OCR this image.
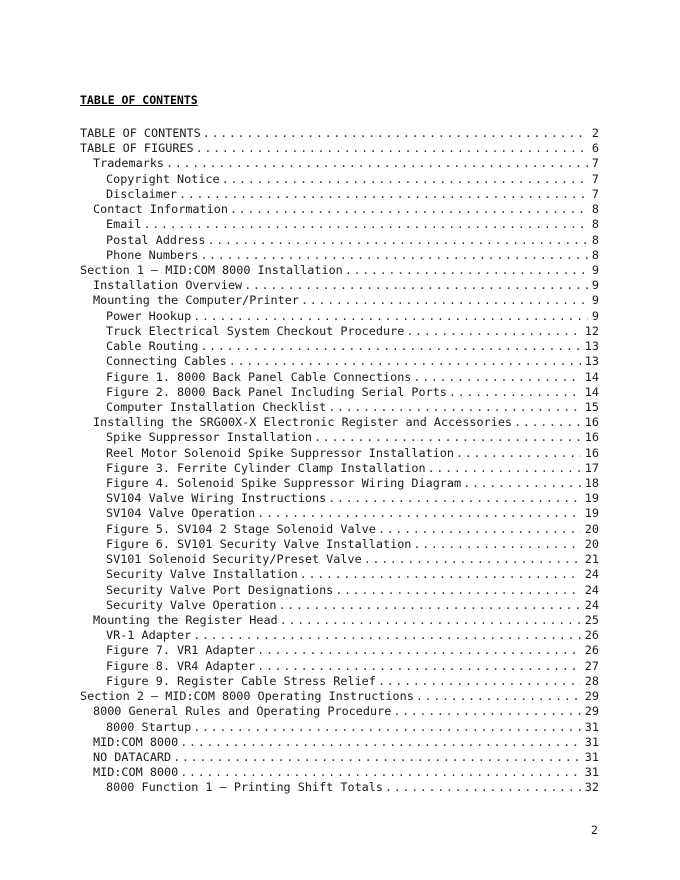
TABLE OF CONTENTS
TABLE OF CONTENTS .....	2
TABLE OF FIGURES .....	6
Trademarks .....	7
Copyright Notice .....	7
Disclaimer .....	7
Contact Information .....	8
Email .....	8
Postal Address .....	8
Phone Numbers .....	8
Section 1 – MID:COM 8000 Installation .....	9
Installation Overview .....	9
Mounting the Computer/Printer .....	9
Power Hookup .....	9
Truck Electrical System Checkout Procedure .....	12
Cable Routing .....	13
Connecting Cables .....	13
Figure 1. 8000 Back Panel Cable Connections .....	14
Figure 2. 8000 Back Panel Including Serial Ports .....	14
Computer Installation Checklist .....	15
Installing the SRG00X-X Electronic Register and Accessories .....	16
Spike Suppressor Installation .....	16
Reel Motor Solenoid Spike Suppressor Installation .....	16
Figure 3. Ferrite Cylinder Clamp Installation .....	17
Figure 4. Solenoid Spike Suppressor Wiring Diagram .....	18
SV104 Valve Wiring Instructions .....	19
SV104 Valve Operation .....	19
Figure 5. SV104 2 Stage Solenoid Valve .....	20
Figure 6. SV101 Security Valve Installation .....	20
SV101 Solenoid Security/Preset Valve .....	21
Security Valve Installation .....	24
Security Valve Port Designations .....	24
Security Valve Operation .....	24
Mounting the Register Head .....	25
VR-1 Adapter .....	26
Figure 7. VR1 Adapter .....	26
Figure 8. VR4 Adapter .....	27
Figure 9. Register Cable Stress Relief .....	28
Section 2 – MID:COM 8000 Operating Instructions .....	29
8000 General Rules and Operating Procedure .....	29
8000 Startup .....	31
MID:COM 8000 .....	31
NO DATACARD .....	31
MID:COM 8000 .....	31
8000 Function 1 – Printing Shift Totals .....	32
2
